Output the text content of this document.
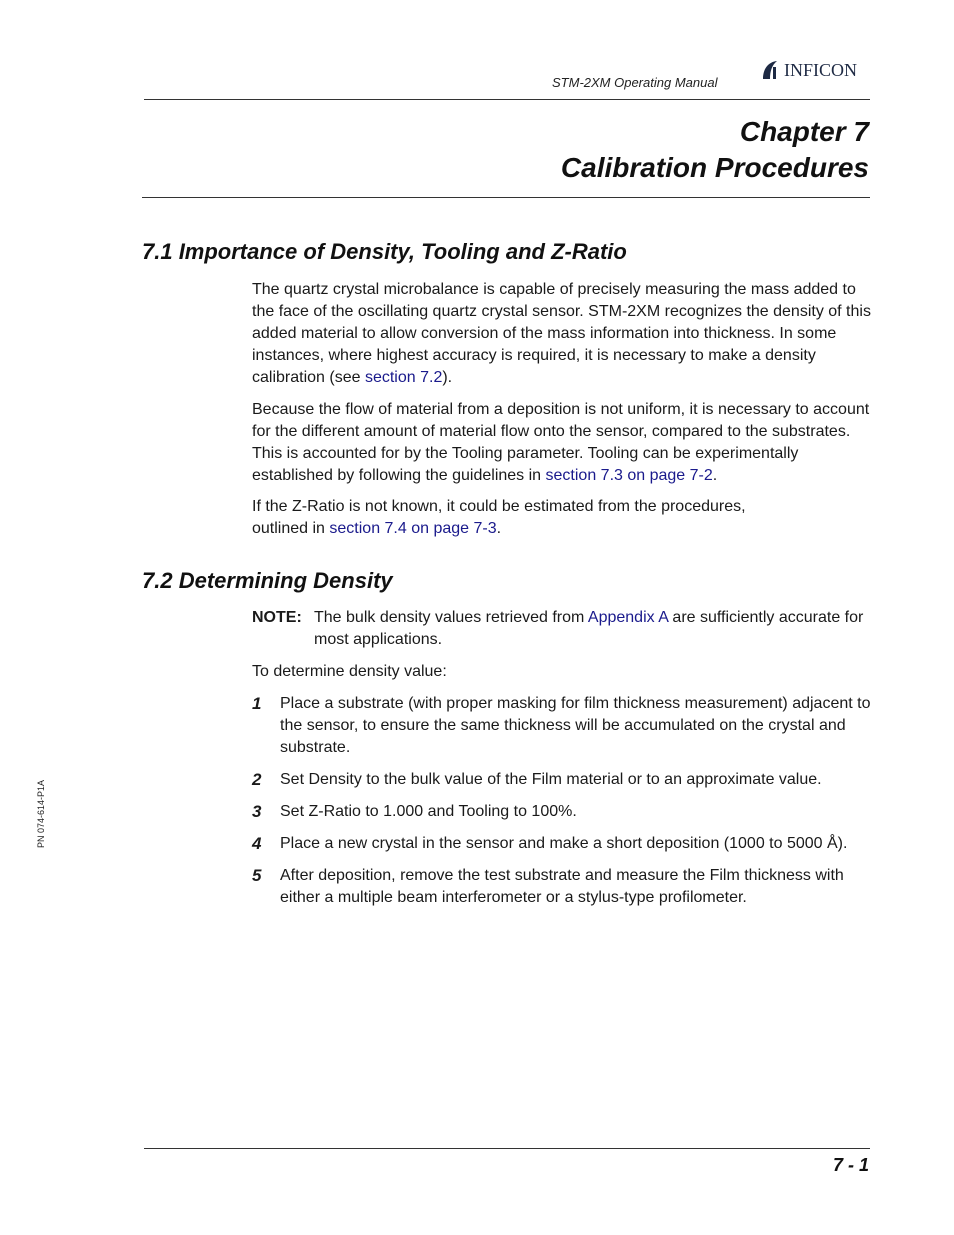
STM-2XM Operating Manual
INFICON
Chapter 7
Calibration Procedures
7.1 Importance of Density, Tooling and Z-Ratio
The quartz crystal microbalance is capable of precisely measuring the mass added to the face of the oscillating quartz crystal sensor. STM-2XM recognizes the density of this added material to allow conversion of the mass information into thickness. In some instances, where highest accuracy is required, it is necessary to make a density calibration (see section 7.2).
Because the flow of material from a deposition is not uniform, it is necessary to account for the different amount of material flow onto the sensor, compared to the substrates. This is accounted for by the Tooling parameter. Tooling can be experimentally established by following the guidelines in section 7.3 on page 7-2.
If the Z-Ratio is not known, it could be estimated from the procedures,
outlined in section 7.4 on page 7-3.
7.2 Determining Density
NOTE: The bulk density values retrieved from Appendix A are sufficiently accurate for most applications.
To determine density value:
1	Place a substrate (with proper masking for film thickness measurement) adjacent to the sensor, to ensure the same thickness will be accumulated on the crystal and substrate.
2	Set Density to the bulk value of the Film material or to an approximate value.
3	Set Z-Ratio to 1.000 and Tooling to 100%.
4	Place a new crystal in the sensor and make a short deposition (1000 to 5000 Å).
5	After deposition, remove the test substrate and measure the Film thickness with either a multiple beam interferometer or a stylus-type profilometer.
PN 074-614-P1A
7 - 1
